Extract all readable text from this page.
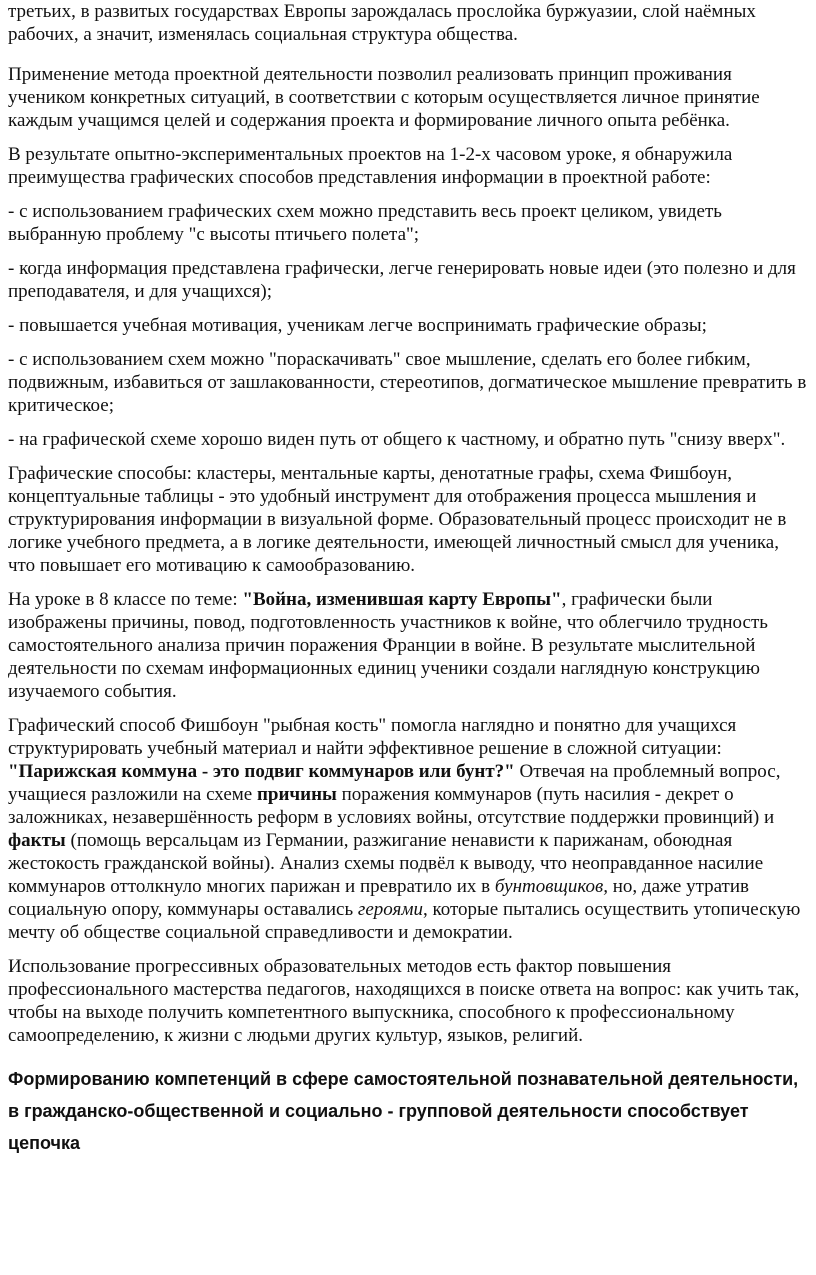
третьих, в развитых государствах Европы зарождалась прослойка буржуазии, слой наёмных рабочих, а значит, изменялась социальная структура общества.

Применение метода проектной деятельности позволил реализовать принцип проживания учеником конкретных ситуаций, в соответствии с которым осуществляется личное принятие каждым учащимся целей и содержания проекта и формирование личного опыта ребёнка.

В результате опытно-экспериментальных проектов на 1-2-х часовом уроке, я обнаружила преимущества графических способов представления информации в проектной работе:

- с использованием графических схем можно представить весь проект целиком, увидеть выбранную проблему "с высоты птичьего полета";

- когда информация представлена графически, легче генерировать новые идеи (это полезно и для преподавателя, и для учащихся);

- повышается учебная мотивация, ученикам легче воспринимать графические образы;

- с использованием схем можно "пораскачивать" свое мышление, сделать его более гибким, подвижным, избавиться от зашлакованности, стереотипов, догматическое мышление превратить в критическое;

- на графической схеме хорошо виден путь от общего к частному, и обратно путь "снизу вверх".

Графические способы: кластеры, ментальные карты, денотатные графы, схема Фишбоун, концептуальные таблицы - это удобный инструмент для отображения процесса мышления и структурирования информации в визуальной форме. Образовательный процесс происходит не в логике учебного предмета, а в логике деятельности, имеющей личностный смысл для ученика, что повышает его мотивацию к самообразованию.

На уроке в 8 классе по теме: "Война, изменившая карту Европы", графически были изображены причины, повод, подготовленность участников к войне, что облегчило трудность самостоятельного анализа причин поражения Франции в войне. В результате мыслительной деятельности по схемам информационных единиц ученики создали наглядную конструкцию изучаемого события.

Графический способ Фишбоун "рыбная кость" помогла наглядно и понятно для учащихся структурировать учебный материал и найти эффективное решение в сложной ситуации: "Парижская коммуна - это подвиг коммунаров или бунт?" Отвечая на проблемный вопрос, учащиеся разложили на схеме причины поражения коммунаров (путь насилия - декрет о заложниках, незавершённость реформ в условиях войны, отсутствие поддержки провинций) и факты (помощь версальцам из Германии, разжигание ненависти к парижанам, обоюдная жестокость гражданской войны). Анализ схемы подвёл к выводу, что неоправданное насилие коммунаров оттолкнуло многих парижан и превратило их в бунтовщиков, но, даже утратив социальную опору, коммунары оставались героями, которые пытались осуществить утопическую мечту об обществе социальной справедливости и демократии.

Использование прогрессивных образовательных методов есть фактор повышения профессионального мастерства педагогов, находящихся в поиске ответа на вопрос: как учить так, чтобы на выходе получить компетентного выпускника, способного к профессиональному самоопределению, к жизни с людьми других культур, языков, религий.

Формированию компетенций в сфере самостоятельной познавательной деятельности, в гражданско-общественной и социально - групповой деятельности способствует цепочка
